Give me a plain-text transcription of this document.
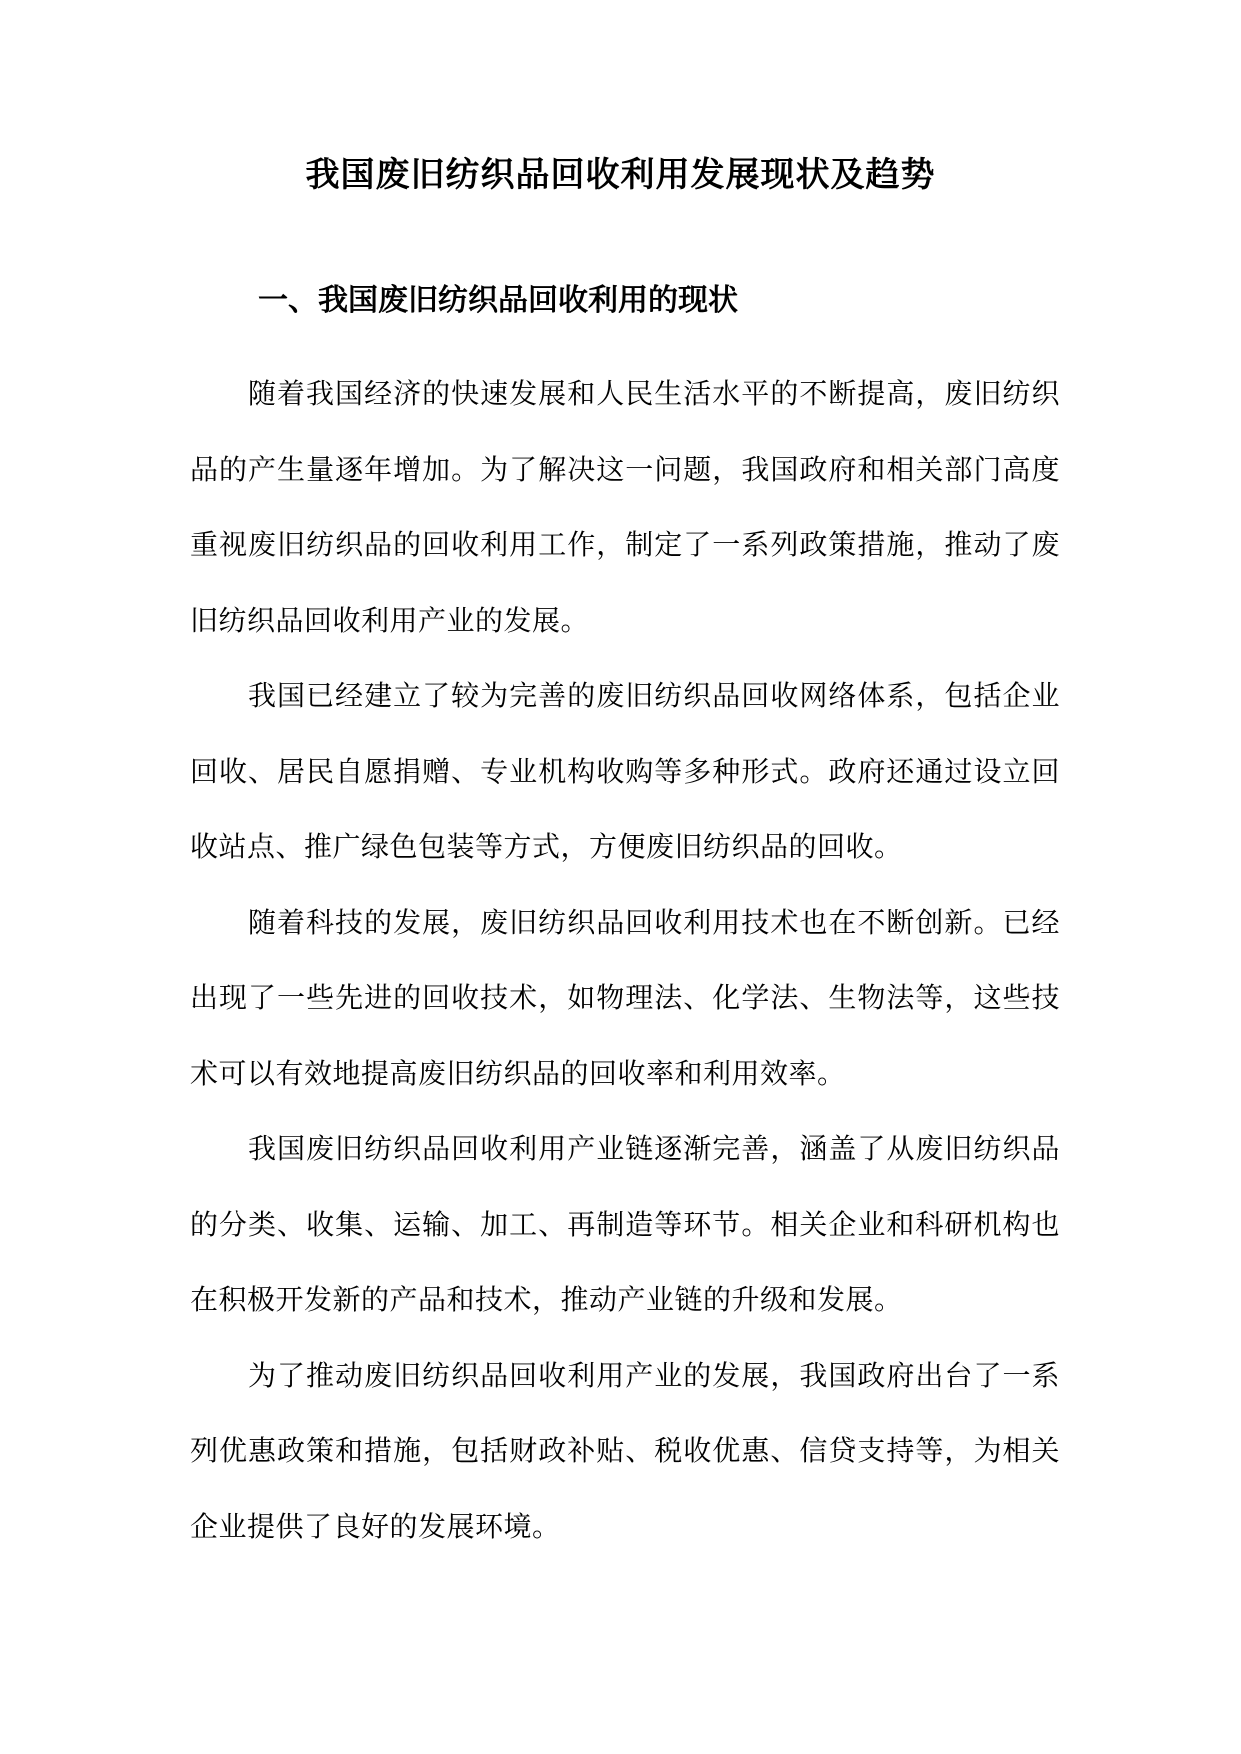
我国废旧纺织品回收利用发展现状及趋势
一、我国废旧纺织品回收利用的现状

随着我国经济的快速发展和人民生活水平的不断提高，废旧纺织品的产生量逐年增加。为了解决这一问题，我国政府和相关部门高度重视废旧纺织品的回收利用工作，制定了一系列政策措施，推动了废旧纺织品回收利用产业的发展。

我国已经建立了较为完善的废旧纺织品回收网络体系，包括企业回收、居民自愿捐赠、专业机构收购等多种形式。政府还通过设立回收站点、推广绿色包装等方式，方便废旧纺织品的回收。

随着科技的发展，废旧纺织品回收利用技术也在不断创新。已经出现了一些先进的回收技术，如物理法、化学法、生物法等，这些技术可以有效地提高废旧纺织品的回收率和利用效率。

我国废旧纺织品回收利用产业链逐渐完善，涵盖了从废旧纺织品的分类、收集、运输、加工、再制造等环节。相关企业和科研机构也在积极开发新的产品和技术，推动产业链的升级和发展。

为了推动废旧纺织品回收利用产业的发展，我国政府出台了一系列优惠政策和措施，包括财政补贴、税收优惠、信贷支持等，为相关企业提供了良好的发展环境。
